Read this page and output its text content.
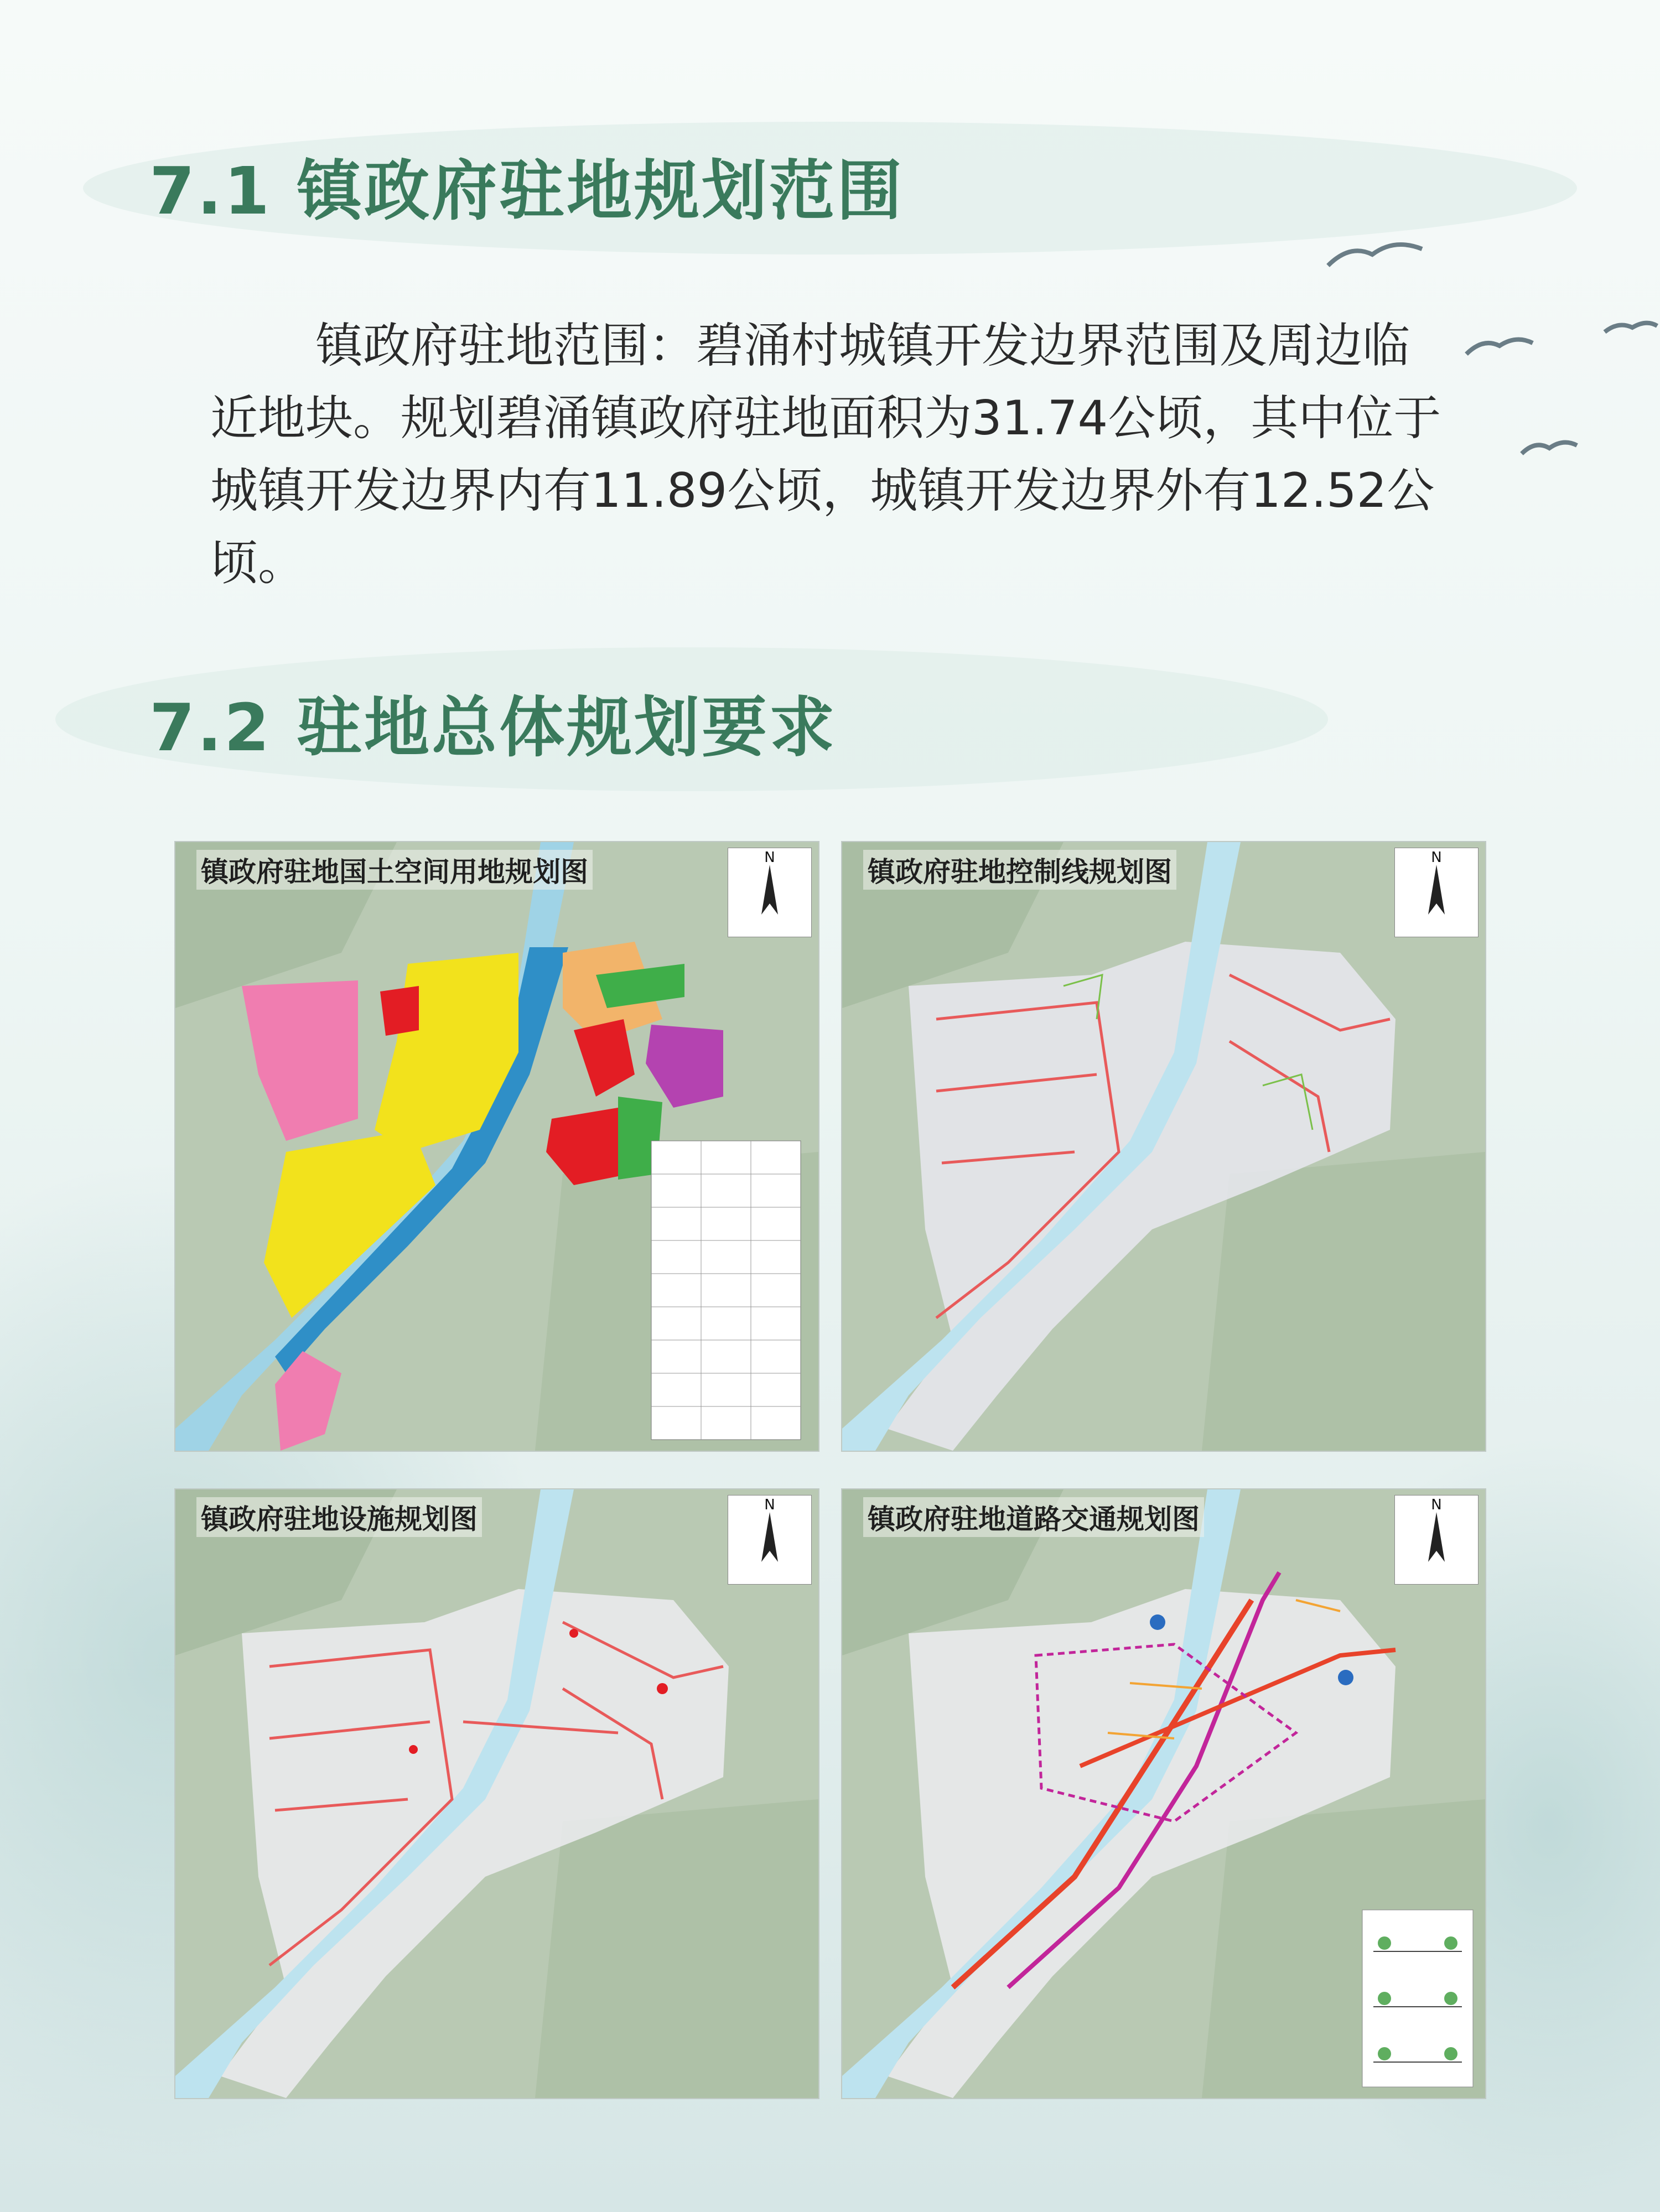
7.1 镇政府驻地规划范围

镇政府驻地范围：碧涌村城镇开发边界范围及周边临近地块。规划碧涌镇政府驻地面积为31.74公顷，其中位于城镇开发边界内有11.89公顷，城镇开发边界外有12.52公顷。

7.2 驻地总体规划要求
镇政府驻地国土空间用地规划图	N	镇政府驻地控制线规划图	N
镇政府驻地设施规划图	N	镇政府驻地道路交通规划图	N
